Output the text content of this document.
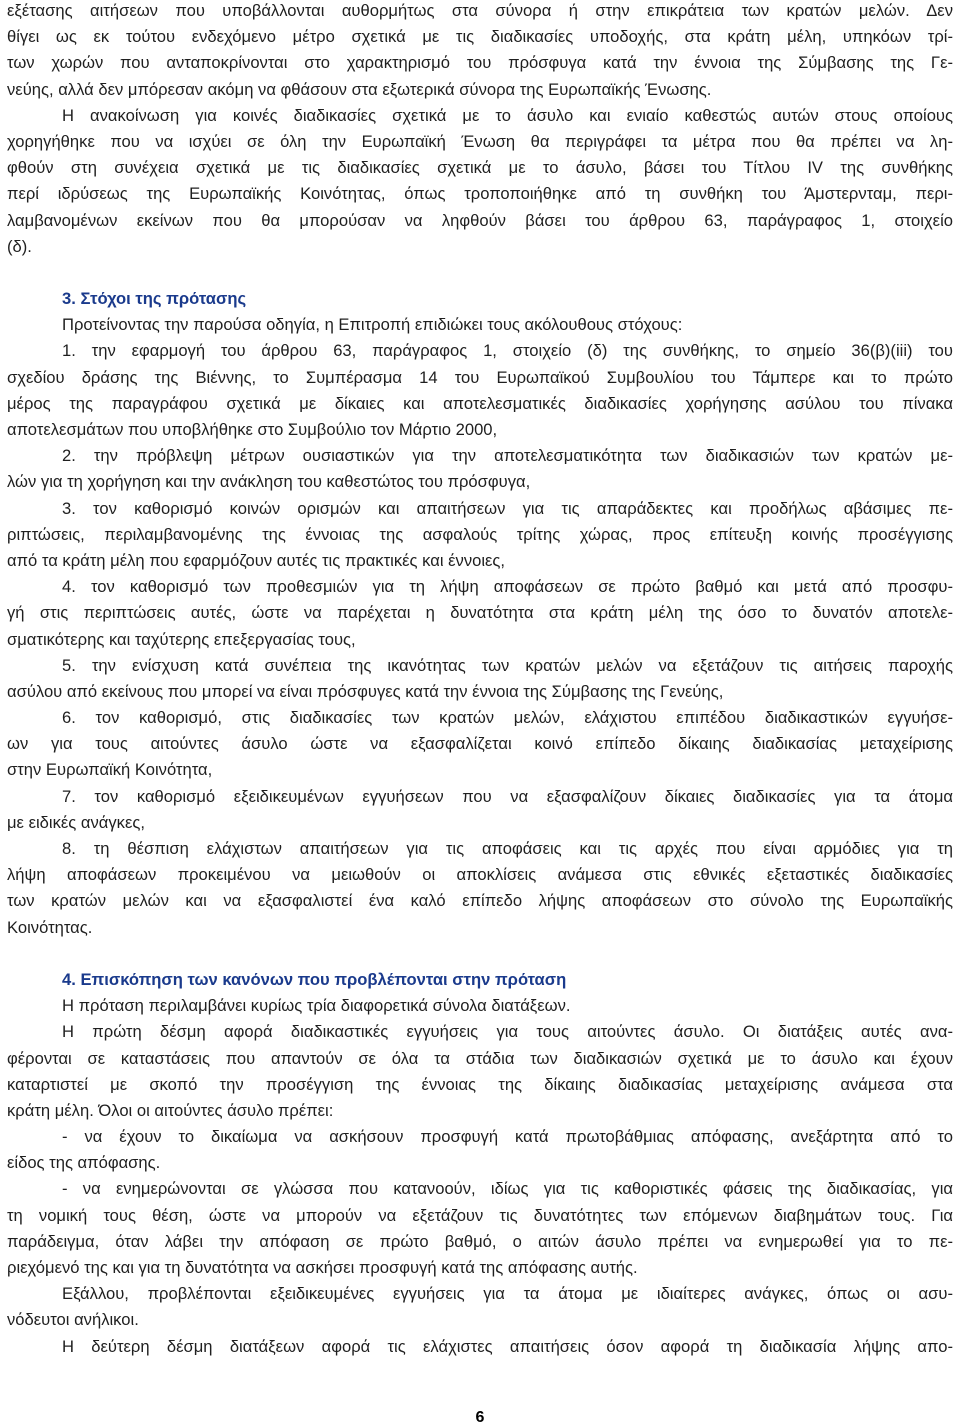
εξέτασης αιτήσεων που υποβάλλονται αυθορμήτως στα σύνορα ή στην επικράτεια των κρατών μελών. Δεν
θίγει ως εκ τούτου ενδεχόμενο μέτρο σχετικά με τις διαδικασίες υποδοχής, στα κράτη μέλη, υπηκόων τρί-
των χωρών που ανταποκρίνονται στο χαρακτηρισμό του πρόσφυγα κατά την έννοια της Σύμβασης της Γε-
νεύης, αλλά δεν μπόρεσαν ακόμη να φθάσουν στα εξωτερικά σύνορα της Ευρωπαϊκής Ένωσης.
Η ανακοίνωση για κοινές διαδικασίες σχετικά με το άσυλο και ενιαίο καθεστώς αυτών στους οποίους
χορηγήθηκε που να ισχύει σε όλη την Ευρωπαϊκή Ένωση θα περιγράφει τα μέτρα που θα πρέπει να λη-
φθούν στη συνέχεια σχετικά με τις διαδικασίες σχετικά με το άσυλο, βάσει του Τίτλου IV της συνθήκης
περί ιδρύσεως της Ευρωπαϊκής Κοινότητας, όπως τροποποιήθηκε από τη συνθήκη του Άμστερνταμ, περι-
λαμβανομένων εκείνων που θα μπορούσαν να ληφθούν βάσει του άρθρου 63, παράγραφος 1, στοιχείο
(δ).
3. Στόχοι της πρότασης
Προτείνοντας την παρούσα οδηγία, η Επιτροπή επιδιώκει τους ακόλουθους στόχους:
1. την εφαρμογή του άρθρου 63, παράγραφος 1, στοιχείο (δ) της συνθήκης, το σημείο 36(β)(iii) του
σχεδίου δράσης της Βιέννης, το Συμπέρασμα 14 του Ευρωπαϊκού Συμβουλίου του Τάμπερε και το πρώτο
μέρος της παραγράφου σχετικά με δίκαιες και αποτελεσματικές διαδικασίες χορήγησης ασύλου του πίνακα
αποτελεσμάτων που υποβλήθηκε στο Συμβούλιο τον Μάρτιο 2000,
2. την πρόβλεψη μέτρων ουσιαστικών για την αποτελεσματικότητα των διαδικασιών των κρατών με-
λών για τη χορήγηση και την ανάκληση του καθεστώτος του πρόσφυγα,
3. τον καθορισμό κοινών ορισμών και απαιτήσεων για τις απαράδεκτες και προδήλως αβάσιμες πε-
ριπτώσεις, περιλαμβανομένης της έννοιας της ασφαλούς τρίτης χώρας, προς επίτευξη κοινής προσέγγισης
από τα κράτη μέλη που εφαρμόζουν αυτές τις πρακτικές και έννοιες,
4. τον καθορισμό των προθεσμιών για τη λήψη αποφάσεων σε πρώτο βαθμό και μετά από προσφυ-
γή στις περιπτώσεις αυτές, ώστε να παρέχεται η δυνατότητα στα κράτη μέλη της όσο το δυνατόν αποτελε-
σματικότερης και ταχύτερης επεξεργασίας τους,
5. την ενίσχυση κατά συνέπεια της ικανότητας των κρατών μελών να εξετάζουν τις αιτήσεις παροχής
ασύλου από εκείνους που μπορεί να είναι πρόσφυγες κατά την έννοια της Σύμβασης της Γενεύης,
6. τον καθορισμό, στις διαδικασίες των κρατών μελών, ελάχιστου επιπέδου διαδικαστικών εγγυήσε-
ων για τους αιτούντες άσυλο ώστε να εξασφαλίζεται κοινό επίπεδο δίκαιης διαδικασίας μεταχείρισης
στην Ευρωπαϊκή Κοινότητα,
7. τον καθορισμό εξειδικευμένων εγγυήσεων που να εξασφαλίζουν δίκαιες διαδικασίες για τα άτομα
με ειδικές ανάγκες,
8. τη θέσπιση ελάχιστων απαιτήσεων για τις αποφάσεις και τις αρχές που είναι αρμόδιες για τη
λήψη αποφάσεων προκειμένου να μειωθούν οι αποκλίσεις ανάμεσα στις εθνικές εξεταστικές διαδικασίες
των κρατών μελών και να εξασφαλιστεί ένα καλό επίπεδο λήψης αποφάσεων στο σύνολο της Ευρωπαϊκής
Κοινότητας.
4. Επισκόπηση των κανόνων που προβλέπονται στην πρόταση
Η πρόταση περιλαμβάνει κυρίως τρία διαφορετικά σύνολα διατάξεων.
Η πρώτη δέσμη αφορά διαδικαστικές εγγυήσεις για τους αιτούντες άσυλο. Οι διατάξεις αυτές ανα-
φέρονται σε καταστάσεις που απαντούν σε όλα τα στάδια των διαδικασιών σχετικά με το άσυλο και έχουν
καταρτιστεί με σκοπό την προσέγγιση της έννοιας της δίκαιης διαδικασίας μεταχείρισης ανάμεσα στα
κράτη μέλη. Όλοι οι αιτούντες άσυλο πρέπει:
- να έχουν το δικαίωμα να ασκήσουν προσφυγή κατά πρωτοβάθμιας απόφασης, ανεξάρτητα από το
είδος της απόφασης.
- να ενημερώνονται σε γλώσσα που κατανοούν, ιδίως για τις καθοριστικές φάσεις της διαδικασίας, για
τη νομική τους θέση, ώστε να μπορούν να εξετάζουν τις δυνατότητες των επόμενων διαβημάτων τους. Για
παράδειγμα, όταν λάβει την απόφαση σε πρώτο βαθμό, ο αιτών άσυλο πρέπει να ενημερωθεί για το πε-
ριεχόμενό της και για τη δυνατότητα να ασκήσει προσφυγή κατά της απόφασης αυτής.
Εξάλλου, προβλέπονται εξειδικευμένες εγγυήσεις για τα άτομα με ιδιαίτερες ανάγκες, όπως οι ασυ-
νόδευτοι ανήλικοι.
Η δεύτερη δέσμη διατάξεων αφορά τις ελάχιστες απαιτήσεις όσον αφορά τη διαδικασία λήψης απο-
6
